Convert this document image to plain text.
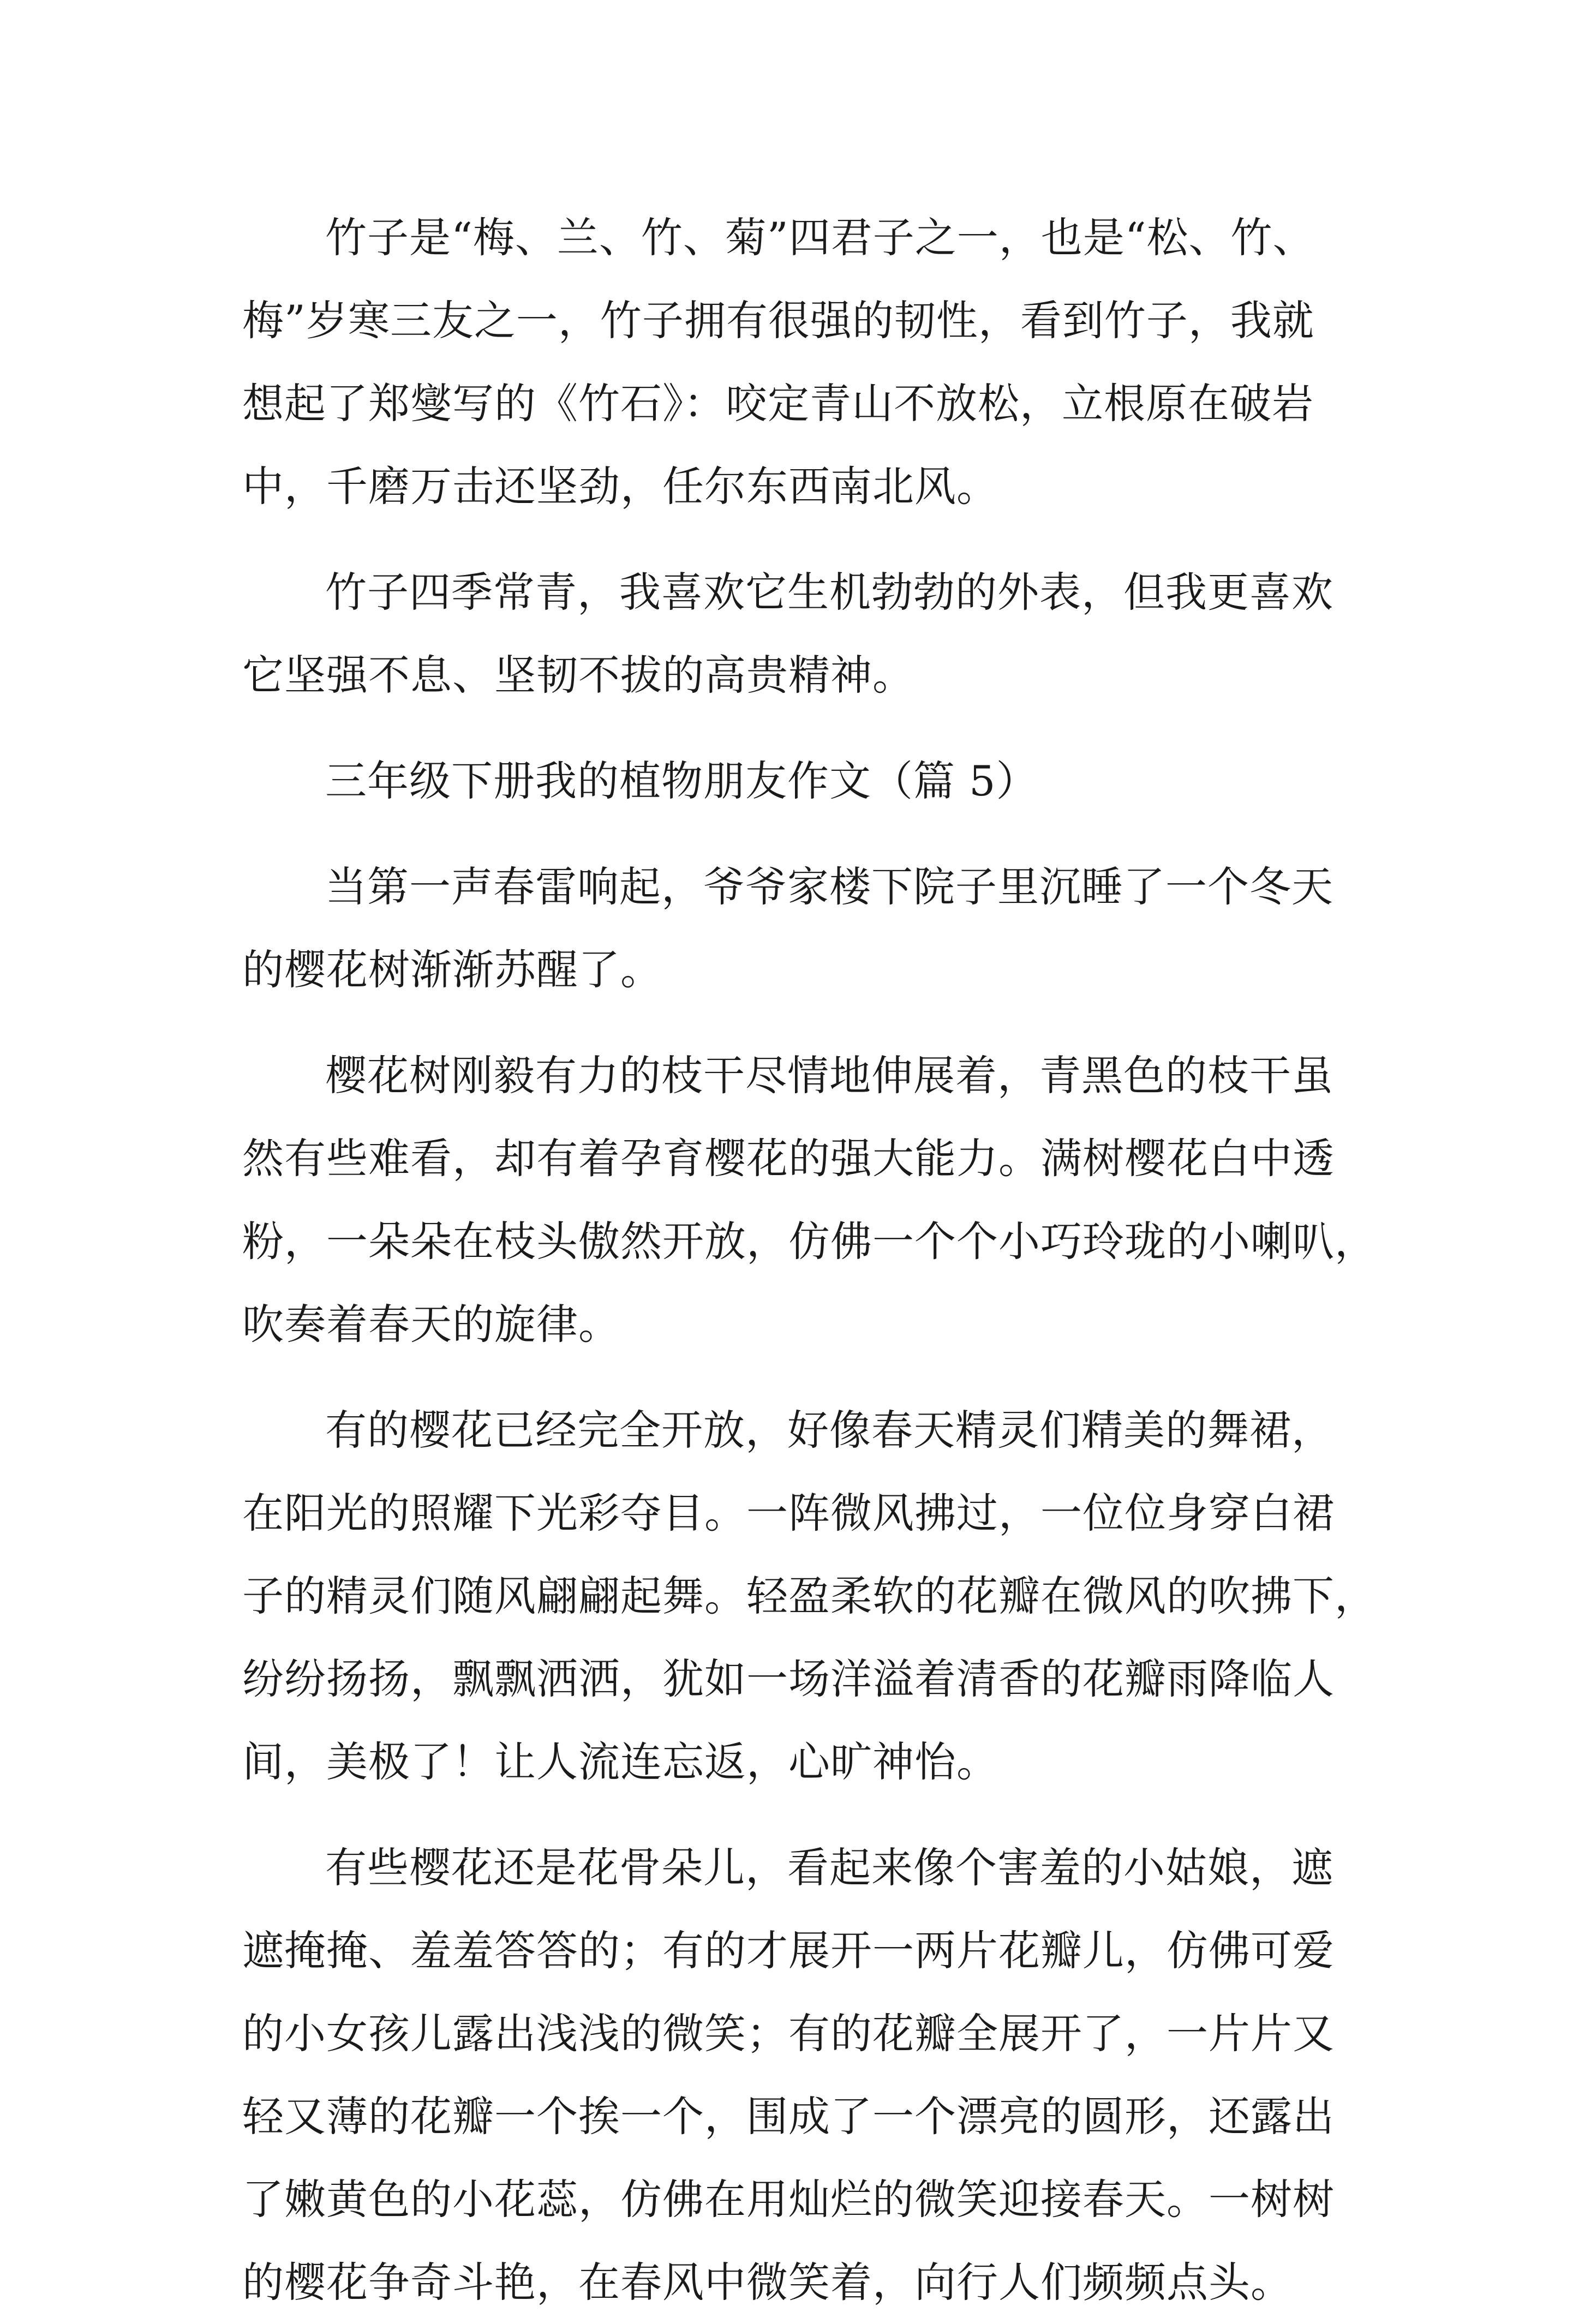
竹子是“梅、兰、竹、菊”四君子之一，也是“松、竹、
梅”岁寒三友之一，竹子拥有很强的韧性，看到竹子，我就
想起了郑燮写的《竹石》：咬定青山不放松，立根原在破岩
中，千磨万击还坚劲，任尔东西南北风。
竹子四季常青，我喜欢它生机勃勃的外表，但我更喜欢
它坚强不息、坚韧不拔的高贵精神。
三年级下册我的植物朋友作文（篇 5）
当第一声春雷响起，爷爷家楼下院子里沉睡了一个冬天
的樱花树渐渐苏醒了。
樱花树刚毅有力的枝干尽情地伸展着，青黑色的枝干虽
然有些难看，却有着孕育樱花的强大能力。满树樱花白中透
粉，一朵朵在枝头傲然开放，仿佛一个个小巧玲珑的小喇叭，
吹奏着春天的旋律。
有的樱花已经完全开放，好像春天精灵们精美的舞裙，
在阳光的照耀下光彩夺目。一阵微风拂过，一位位身穿白裙
子的精灵们随风翩翩起舞。轻盈柔软的花瓣在微风的吹拂下，
纷纷扬扬，飘飘洒洒，犹如一场洋溢着清香的花瓣雨降临人
间，美极了！让人流连忘返，心旷神怡。
有些樱花还是花骨朵儿，看起来像个害羞的小姑娘，遮
遮掩掩、羞羞答答的；有的才展开一两片花瓣儿，仿佛可爱
的小女孩儿露出浅浅的微笑；有的花瓣全展开了，一片片又
轻又薄的花瓣一个挨一个，围成了一个漂亮的圆形，还露出
了嫩黄色的小花蕊，仿佛在用灿烂的微笑迎接春天。一树树
的樱花争奇斗艳，在春风中微笑着，向行人们频频点头。
